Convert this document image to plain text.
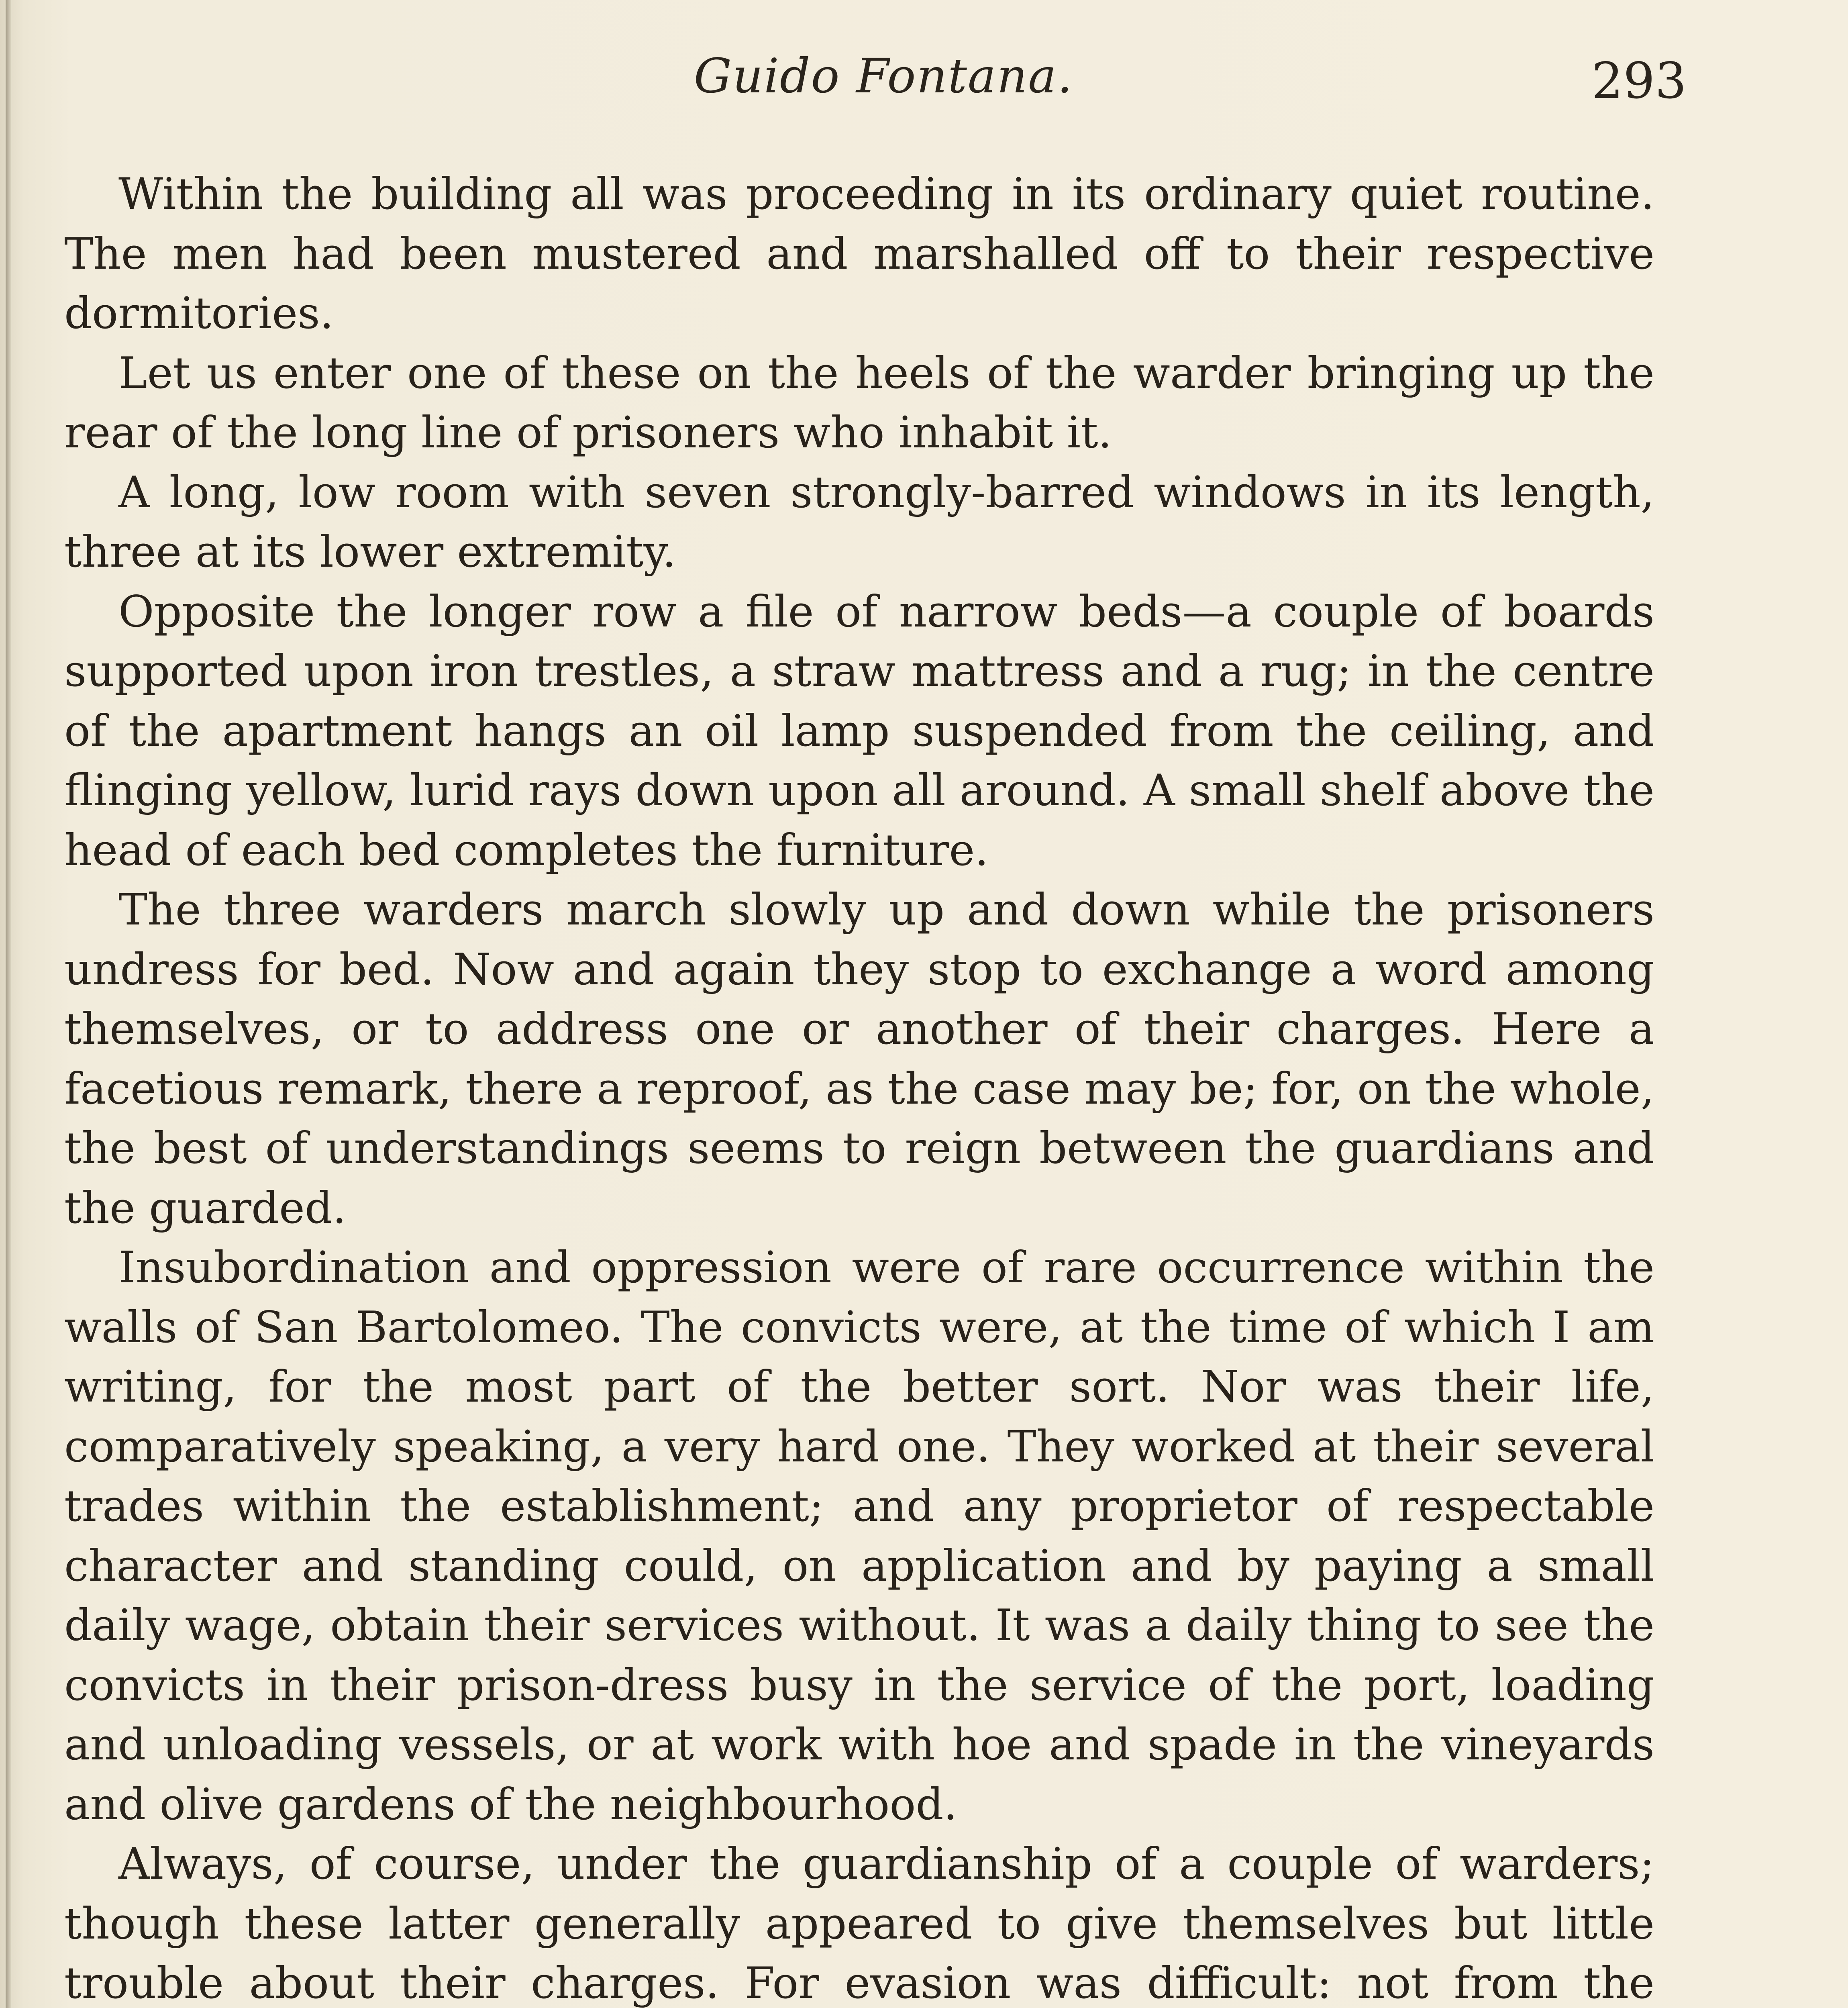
Guido Fontana.	293

Within the building all was proceeding in its ordinary quiet routine. The men had been mustered and marshalled off to their respective dormitories.

Let us enter one of these on the heels of the warder bringing up the rear of the long line of prisoners who inhabit it.

A long, low room with seven strongly-barred windows in its length, three at its lower extremity.

Opposite the longer row a file of narrow beds—a couple of boards supported upon iron trestles, a straw mattress and a rug; in the centre of the apartment hangs an oil lamp suspended from the ceiling, and flinging yellow, lurid rays down upon all around. A small shelf above the head of each bed completes the furniture.

The three warders march slowly up and down while the prisoners undress for bed. Now and again they stop to exchange a word among themselves, or to address one or another of their charges. Here a facetious remark, there a reproof, as the case may be; for, on the whole, the best of understandings seems to reign between the guardians and the guarded.

Insubordination and oppression were of rare occurrence within the walls of San Bartolomeo. The convicts were, at the time of which I am writing, for the most part of the better sort. Nor was their life, comparatively speaking, a very hard one. They worked at their several trades within the establishment; and any proprietor of respectable character and standing could, on application and by paying a small daily wage, obtain their services without. It was a daily thing to see the convicts in their prison-dress busy in the service of the port, loading and unloading vessels, or at work with hoe and spade in the vineyards and olive gardens of the neighbourhood.

Always, of course, under the guardianship of a couple of warders; though these latter generally appeared to give themselves but little trouble about their charges. For evasion was difficult: not from the
